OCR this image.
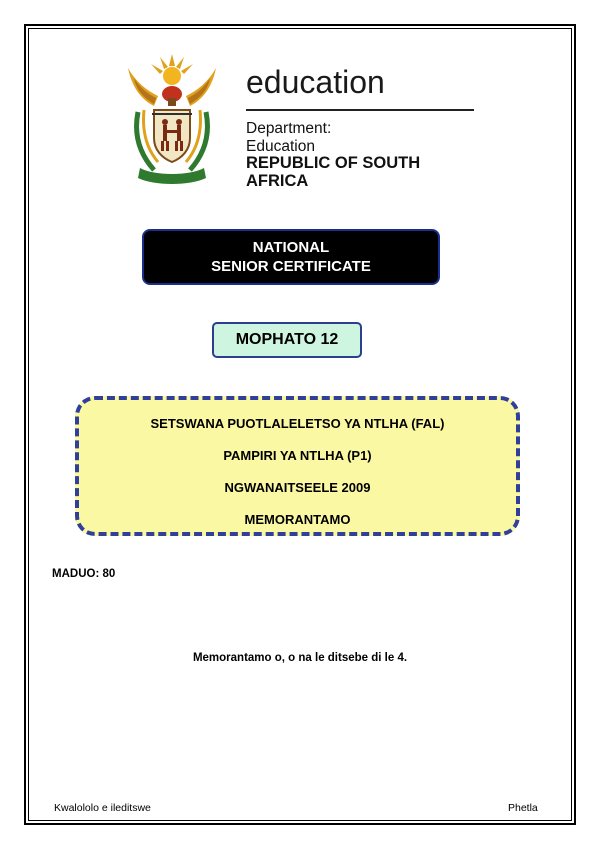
education
Department:
Education
REPUBLIC OF SOUTH AFRICA
NATIONAL
SENIOR CERTIFICATE
MOPHATO 12
SETSWANA PUOTLALELETSO YA NTLHA (FAL)
PAMPIRI YA NTLHA (P1)
NGWANAITSEELE 2009
MEMORANTAMO
MADUO: 80
Memorantamo o, o na le ditsebe di le 4.
Kwalololo e ileditswe	Phetla
